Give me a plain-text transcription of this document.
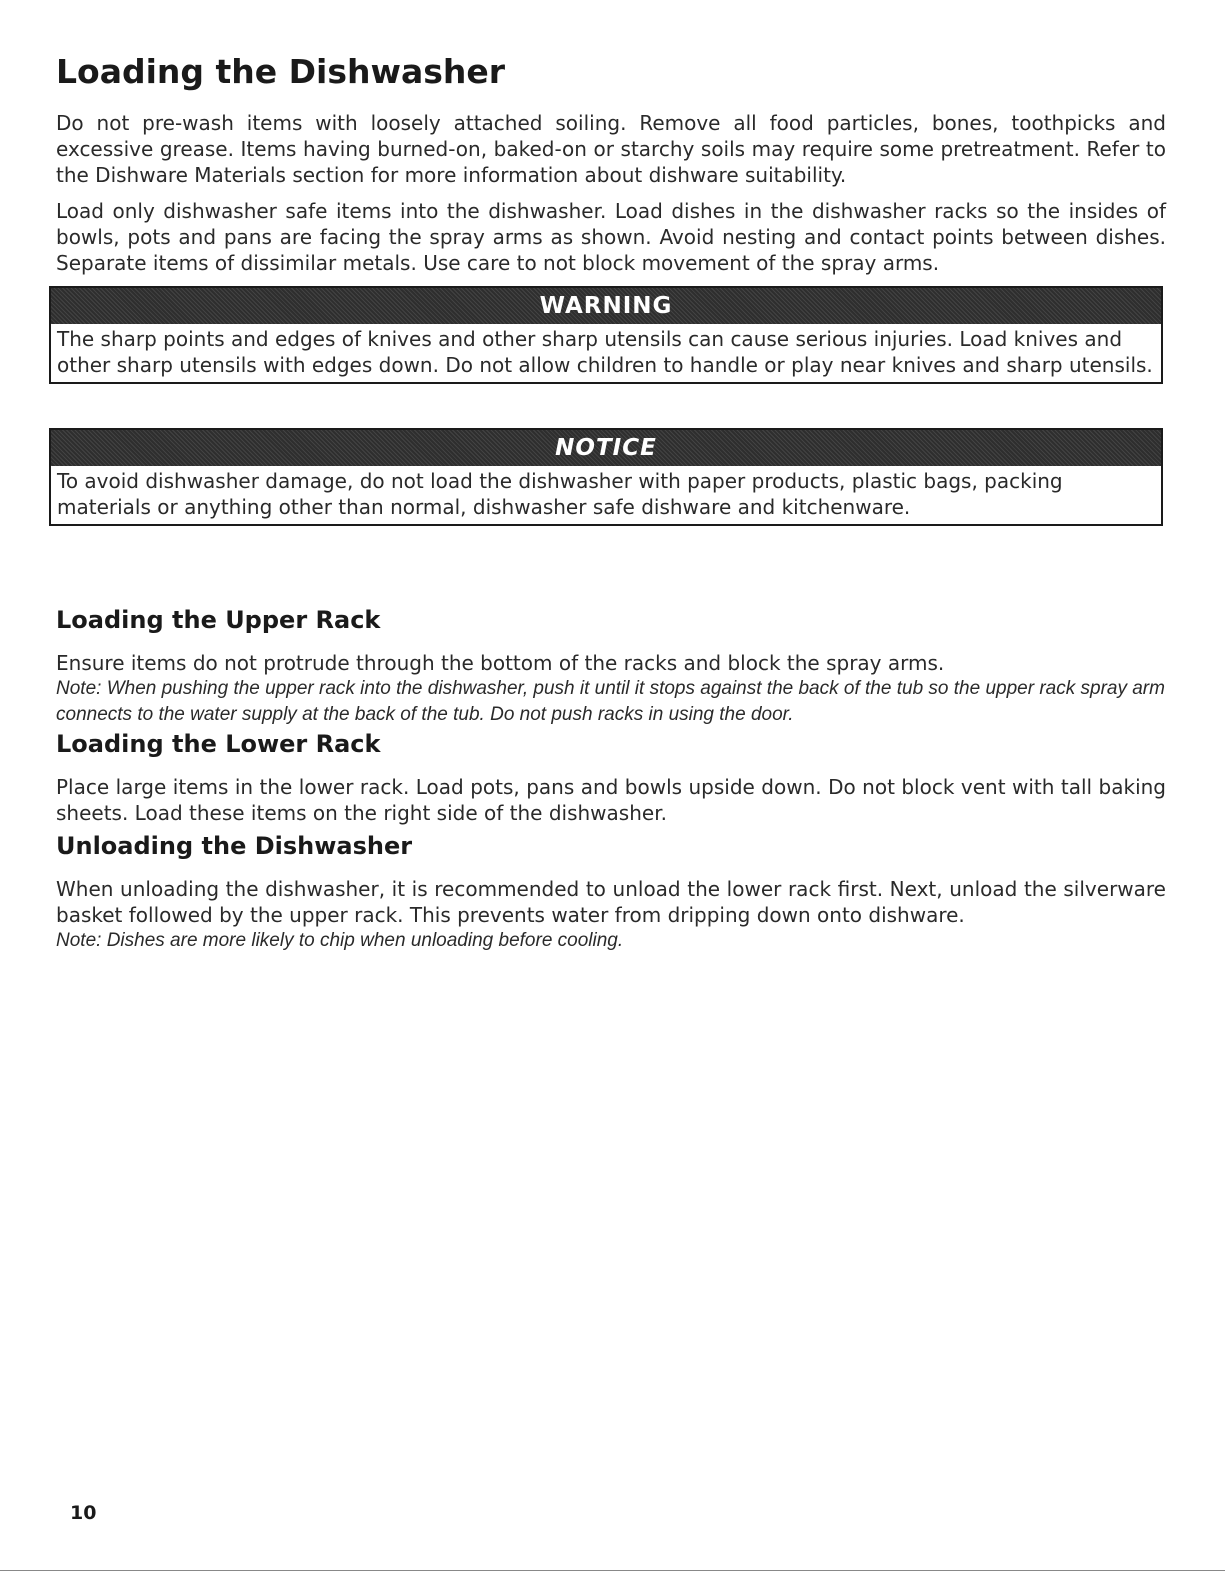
Loading the Dishwasher

Do not pre-wash items with loosely attached soiling. Remove all food particles, bones, toothpicks and excessive grease. Items having burned-on, baked-on or starchy soils may require some pretreatment. Refer to the Dishware Materials section for more information about dishware suitability.

Load only dishwasher safe items into the dishwasher. Load dishes in the dishwasher racks so the insides of bowls, pots and pans are facing the spray arms as shown. Avoid nesting and contact points between dishes. Separate items of dissimilar metals. Use care to not block movement of the spray arms.

WARNING
The sharp points and edges of knives and other sharp utensils can cause serious injuries. Load knives and other sharp utensils with edges down. Do not allow children to handle or play near knives and sharp utensils.
NOTICE
To avoid dishwasher damage, do not load the dishwasher with paper products, plastic bags, packing materials or anything other than normal, dishwasher safe dishware and kitchenware.
Loading the Upper Rack

Ensure items do not protrude through the bottom of the racks and block the spray arms.

Note: When pushing the upper rack into the dishwasher, push it until it stops against the back of the tub so the upper rack spray arm connects to the water supply at the back of the tub. Do not push racks in using the door.

Loading the Lower Rack

Place large items in the lower rack. Load pots, pans and bowls upside down. Do not block vent with tall baking sheets. Load these items on the right side of the dishwasher.

Unloading the Dishwasher

When unloading the dishwasher, it is recommended to unload the lower rack first. Next, unload the silverware basket followed by the upper rack. This prevents water from dripping down onto dishware.

Note: Dishes are more likely to chip when unloading before cooling.

10
